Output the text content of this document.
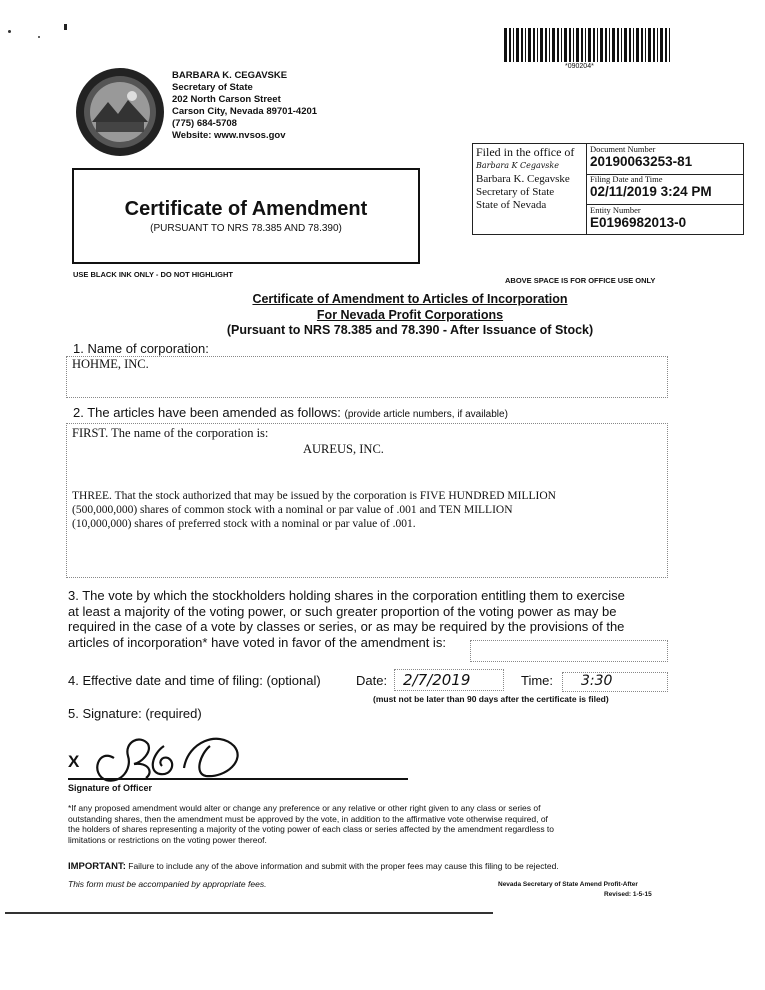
*090204*
BARBARA K. CEGAVSKE
Secretary of State
202 North Carson Street
Carson City, Nevada 89701-4201
(775) 684-5708
Website: www.nvsos.gov
Certificate of Amendment
(PURSUANT TO NRS 78.385 AND 78.390)
Filed in the office of
Barbara K Cegavske
Barbara K. Cegavske
Secretary of State
State of Nevada
Document Number
20190063253-81
Filing Date and Time
02/11/2019 3:24 PM
Entity Number
E0196982013-0
USE BLACK INK ONLY - DO NOT HIGHLIGHT
ABOVE SPACE IS FOR OFFICE USE ONLY
Certificate of Amendment to Articles of Incorporation
For Nevada Profit Corporations
(Pursuant to NRS 78.385 and 78.390 - After Issuance of Stock)
1. Name of corporation:
HOHME, INC.
2. The articles have been amended as follows: (provide article numbers, if available)
FIRST. The name of the corporation is:
AUREUS, INC.
THREE. That the stock authorized that may be issued by the corporation is FIVE HUNDRED MILLION
(500,000,000) shares of common stock with a nominal or par value of .001 and TEN MILLION
(10,000,000) shares of preferred stock with a nominal or par value of .001.
3. The vote by which the stockholders holding shares in the corporation entitling them to exercise
at least a majority of the voting power, or such greater proportion of the voting power as may be
required in the case of a vote by classes or series, or as may be required by the provisions of the
articles of incorporation* have voted in favor of the amendment is:
4. Effective date and time of filing: (optional)	Date: 2/7/2019	Time: 3:30
(must not be later than 90 days after the certificate is filed)
5. Signature: (required)
X
Signature of Officer
*If any proposed amendment would alter or change any preference or any relative or other right given to any class or series of
outstanding shares, then the amendment must be approved by the vote, in addition to the affirmative vote otherwise required, of
the holders of shares representing a majority of the voting power of each class or series affected by the amendment regardless to
limitations or restrictions on the voting power thereof.
IMPORTANT: Failure to include any of the above information and submit with the proper fees may cause this filing to be rejected.
This form must be accompanied by appropriate fees.	Nevada Secretary of State Amend Profit-After
Revised: 1-5-15
